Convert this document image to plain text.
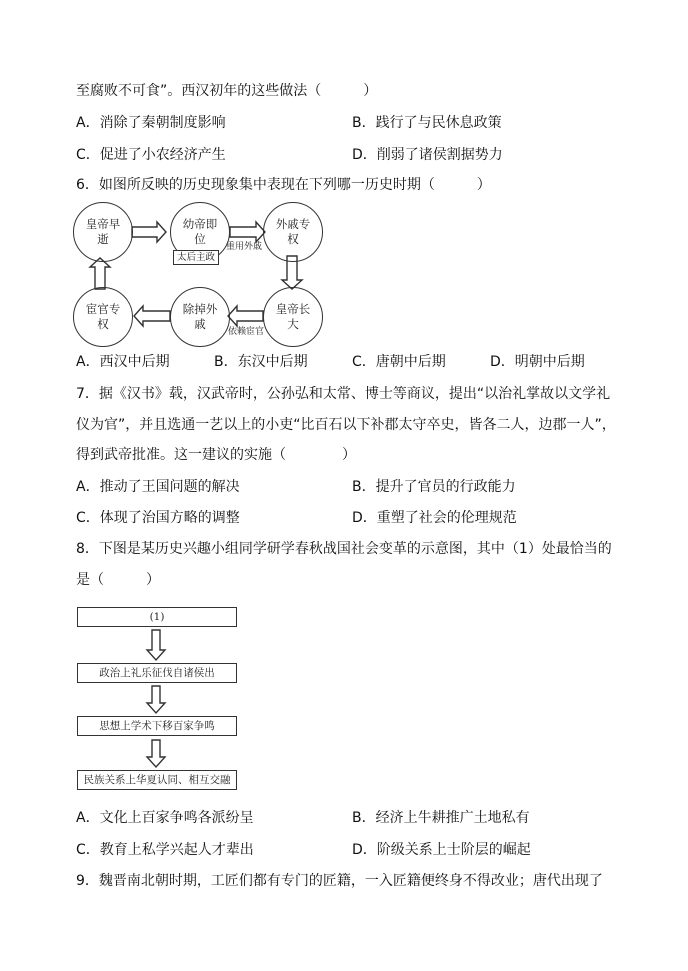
至腐败不可食”。西汉初年的这些做法（　　　）
A．消除了秦朝制度影响	B．践行了与民休息政策
C．促进了小农经济产生	D．削弱了诸侯割据势力
6．如图所反映的历史现象集中表现在下列哪一历史时期（　　　）
皇帝早逝
幼帝即位
外戚专权
皇帝长大
除掉外戚
宦官专权
太后主政
重用外戚
依赖宦官
A．西汉中后期	B．东汉中后期	C．唐朝中后期	D．明朝中后期
7．据《汉书》载，汉武帝时，公孙弘和太常、博士等商议，提出“以治礼掌故以文学礼
仪为官”，并且选通一艺以上的小吏“比百石以下补郡太守卒史，皆各二人，边郡一人”，
得到武帝批准。这一建议的实施（　　　　）
A．推动了王国问题的解决	B．提升了官员的行政能力
C．体现了治国方略的调整	D．重塑了社会的伦理规范
8．下图是某历史兴趣小组同学研学春秋战国社会变革的示意图，其中（1）处最恰当的
是（　　　）
(1)
政治上礼乐征伐自诸侯出
思想上学术下移百家争鸣
民族关系上华夏认同、相互交融
A．文化上百家争鸣各派纷呈	B．经济上牛耕推广土地私有
C．教育上私学兴起人才辈出	D．阶级关系上士阶层的崛起
9．魏晋南北朝时期，工匠们都有专门的匠籍，一入匠籍便终身不得改业；唐代出现了
